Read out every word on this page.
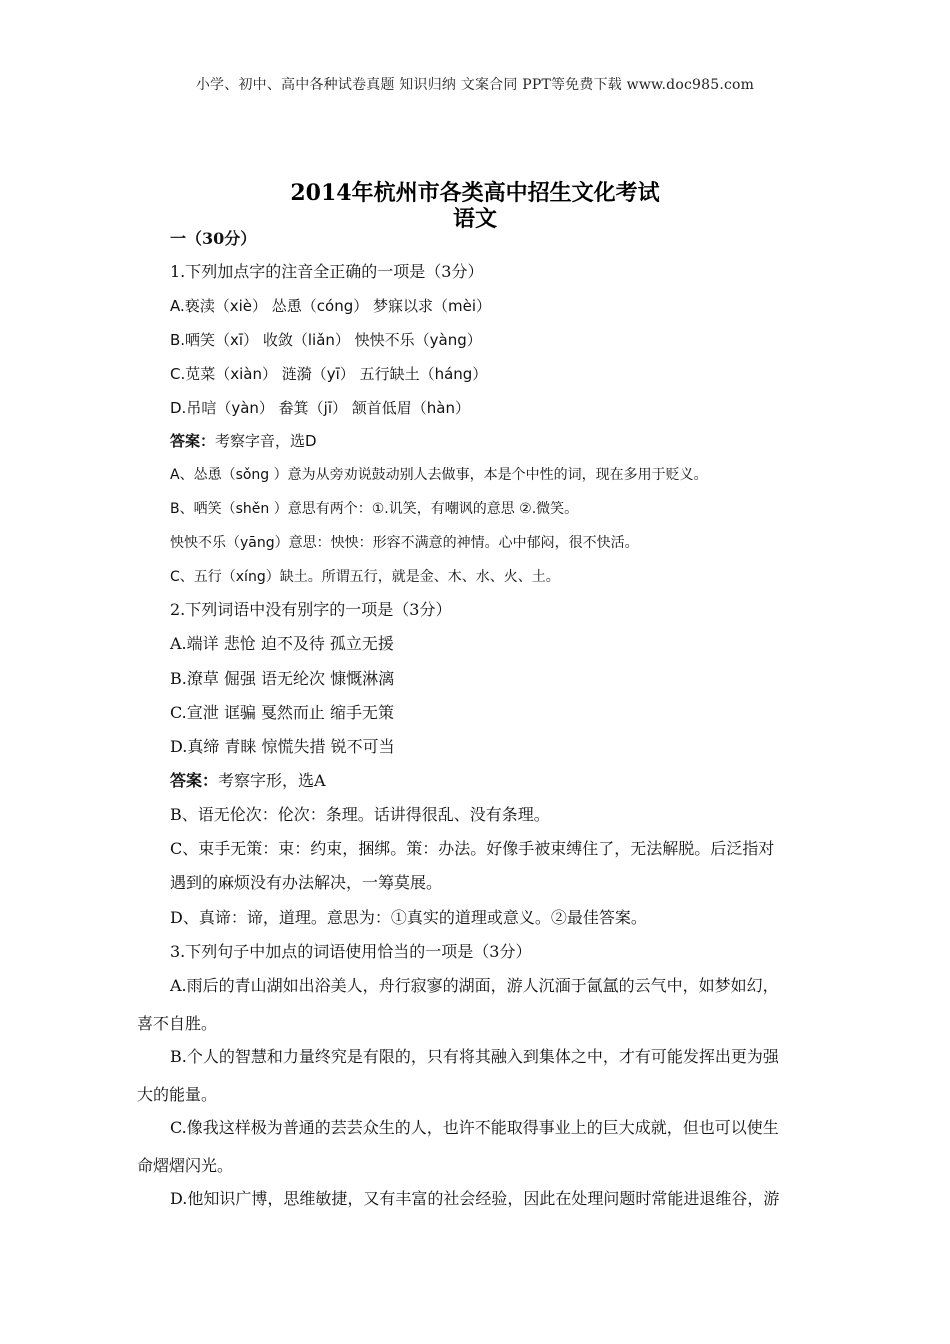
小学、初中、高中各种试卷真题 知识归纳 文案合同 PPT等免费下载 www.doc985.com
2014年杭州市各类高中招生文化考试
语文
一（30分）
1.下列加点字的注音全正确的一项是（3分）
A.亵渎（xiè） 怂恿（cóng） 梦寐以求（mèi）
B.哂笑（xī） 收敛（liǎn） 怏怏不乐（yàng）
C.苋菜（xiàn） 涟漪（yī） 五行缺土（háng）
D.吊唁（yàn） 畚箕（jī） 颔首低眉（hàn）
答案：考察字音，选D
A、怂恿（sǒng ）意为从旁劝说鼓动别人去做事，本是个中性的词，现在多用于贬义。
B、哂笑（shěn ）意思有两个：①.讥笑，有嘲讽的意思 ②.微笑。
怏怏不乐（yāng）意思：怏怏：形容不满意的神情。心中郁闷，很不快活。
C、五行（xíng）缺土。所谓五行，就是金、木、水、火、土。
2.下列词语中没有别字的一项是（3分）
A.端详 悲怆 迫不及待 孤立无援
B.潦草 倔强 语无纶次 慷慨淋漓
C.宣泄 诓骗 戛然而止 缩手无策
D.真缔 青睐 惊慌失措 锐不可当
答案：考察字形，选A
B、语无伦次：伦次：条理。话讲得很乱、没有条理。
C、束手无策：束：约束，捆绑。策：办法。好像手被束缚住了，无法解脱。后泛指对
遇到的麻烦没有办法解决，一筹莫展。
D、真谛：谛，道理。意思为：①真实的道理或意义。②最佳答案。
3.下列句子中加点的词语使用恰当的一项是（3分）
A.雨后的青山湖如出浴美人，舟行寂寥的湖面，游人沉湎于氤氲的云气中，如梦如幻，
喜不自胜。
B.个人的智慧和力量终究是有限的，只有将其融入到集体之中，才有可能发挥出更为强
大的能量。
C.像我这样极为普通的芸芸众生的人，也许不能取得事业上的巨大成就，但也可以使生
命熠熠闪光。
D.他知识广博，思维敏捷，又有丰富的社会经验，因此在处理问题时常能进退维谷，游
